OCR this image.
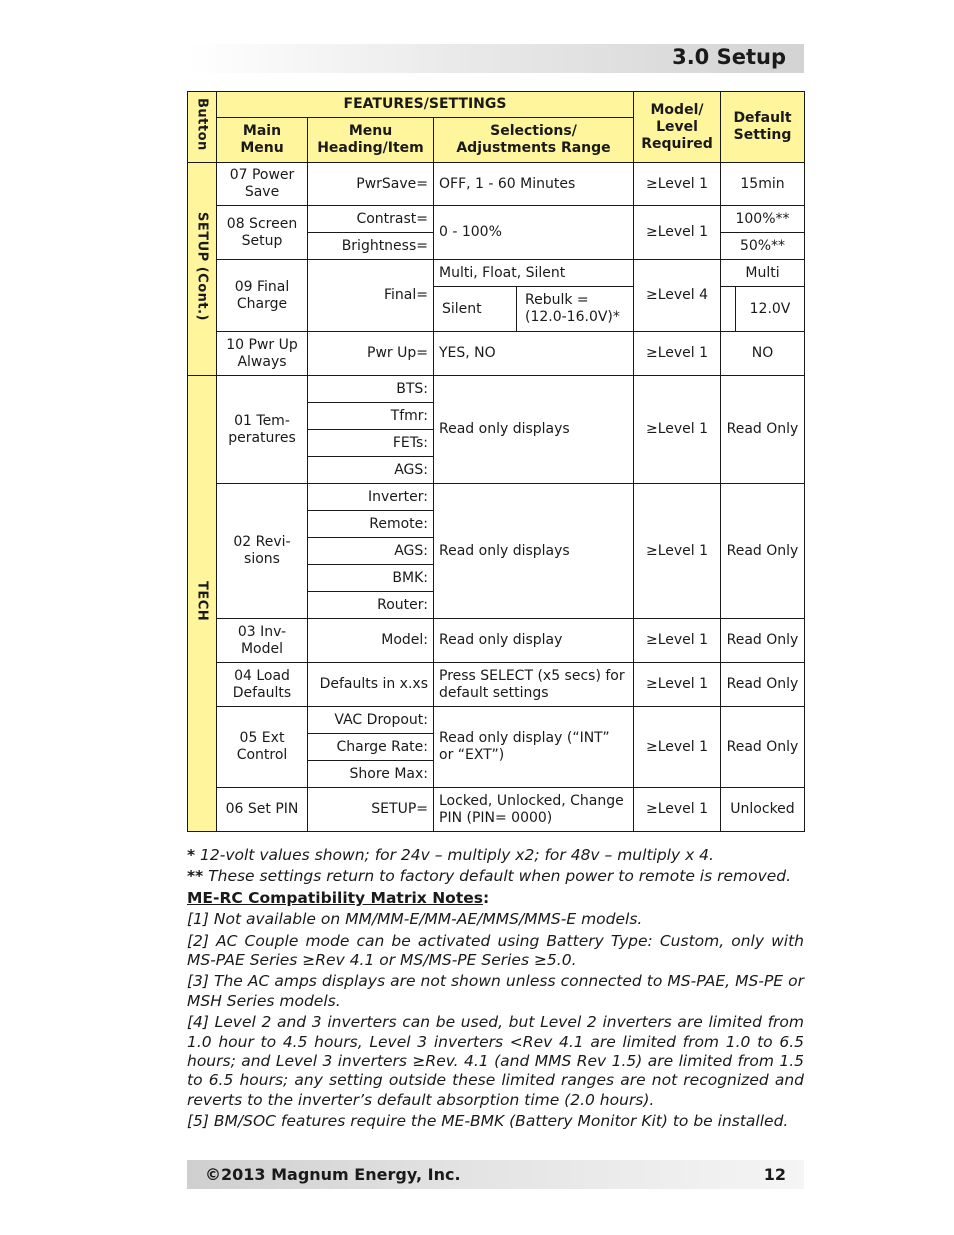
3.0 Setup
Button	FEATURES/SETTINGS	Model/ Level Required	Default Setting
Main Menu	Menu Heading/Item	Selections/ Adjustments Range
SETUP (Cont.)	07 Power Save	PwrSave=	OFF, 1 - 60 Minutes	≥Level 1	15min
08 Screen Setup	Contrast=	0 - 100%	≥Level 1	100%**
Brightness=	50%**
09 Final Charge	Final=	Multi, Float, Silent	≥Level 4	Multi

Silent	Rebulk = (12.0-16.0V)*

	12.0V

10 Pwr Up Always	Pwr Up=	YES, NO	≥Level 1	NO
TECH	01 Tem-peratures	BTS:	Read only displays	≥Level 1	Read Only
Tfmr:
FETs:
AGS:
02 Revi-sions	Inverter:	Read only displays	≥Level 1	Read Only
Remote:
AGS:
BMK:
Router:
03 Inv-Model	Model:	Read only display	≥Level 1	Read Only
04 Load Defaults	Defaults in x.xs	Press SELECT (x5 secs) for default settings	≥Level 1	Read Only
05 Ext Control	VAC Dropout:	Read only display (“INT” or “EXT”)	≥Level 1	Read Only
Charge Rate:
Shore Max:
06 Set PIN	SETUP=	Locked, Unlocked, Change PIN (PIN= 0000)	≥Level 1	Unlocked

* 12-volt values shown; for 24v – multiply x2; for 48v – multiply x 4.

** These settings return to factory default when power to remote is removed.

ME-RC Compatibility Matrix Notes:

[1] Not available on MM/MM-E/MM-AE/MMS/MMS-E models.

[2] AC Couple mode can be activated using Battery Type: Custom, only with MS-PAE Series ≥Rev 4.1 or MS/MS-PE Series ≥5.0.

[3] The AC amps displays are not shown unless connected to MS-PAE, MS-PE or MSH Series models.

[4] Level 2 and 3 inverters can be used, but Level 2 inverters are limited from 1.0 hour to 4.5 hours, Level 3 inverters <Rev 4.1 are limited from 1.0 to 6.5 hours; and Level 3 inverters ≥Rev. 4.1 (and MMS Rev 1.5) are limited from 1.5 to 6.5 hours; any setting outside these limited ranges are not recognized and reverts to the inverter’s default absorption time (2.0 hours).

[5] BM/SOC features require the ME-BMK (Battery Monitor Kit) to be installed.

©2013 Magnum Energy, Inc.	12
